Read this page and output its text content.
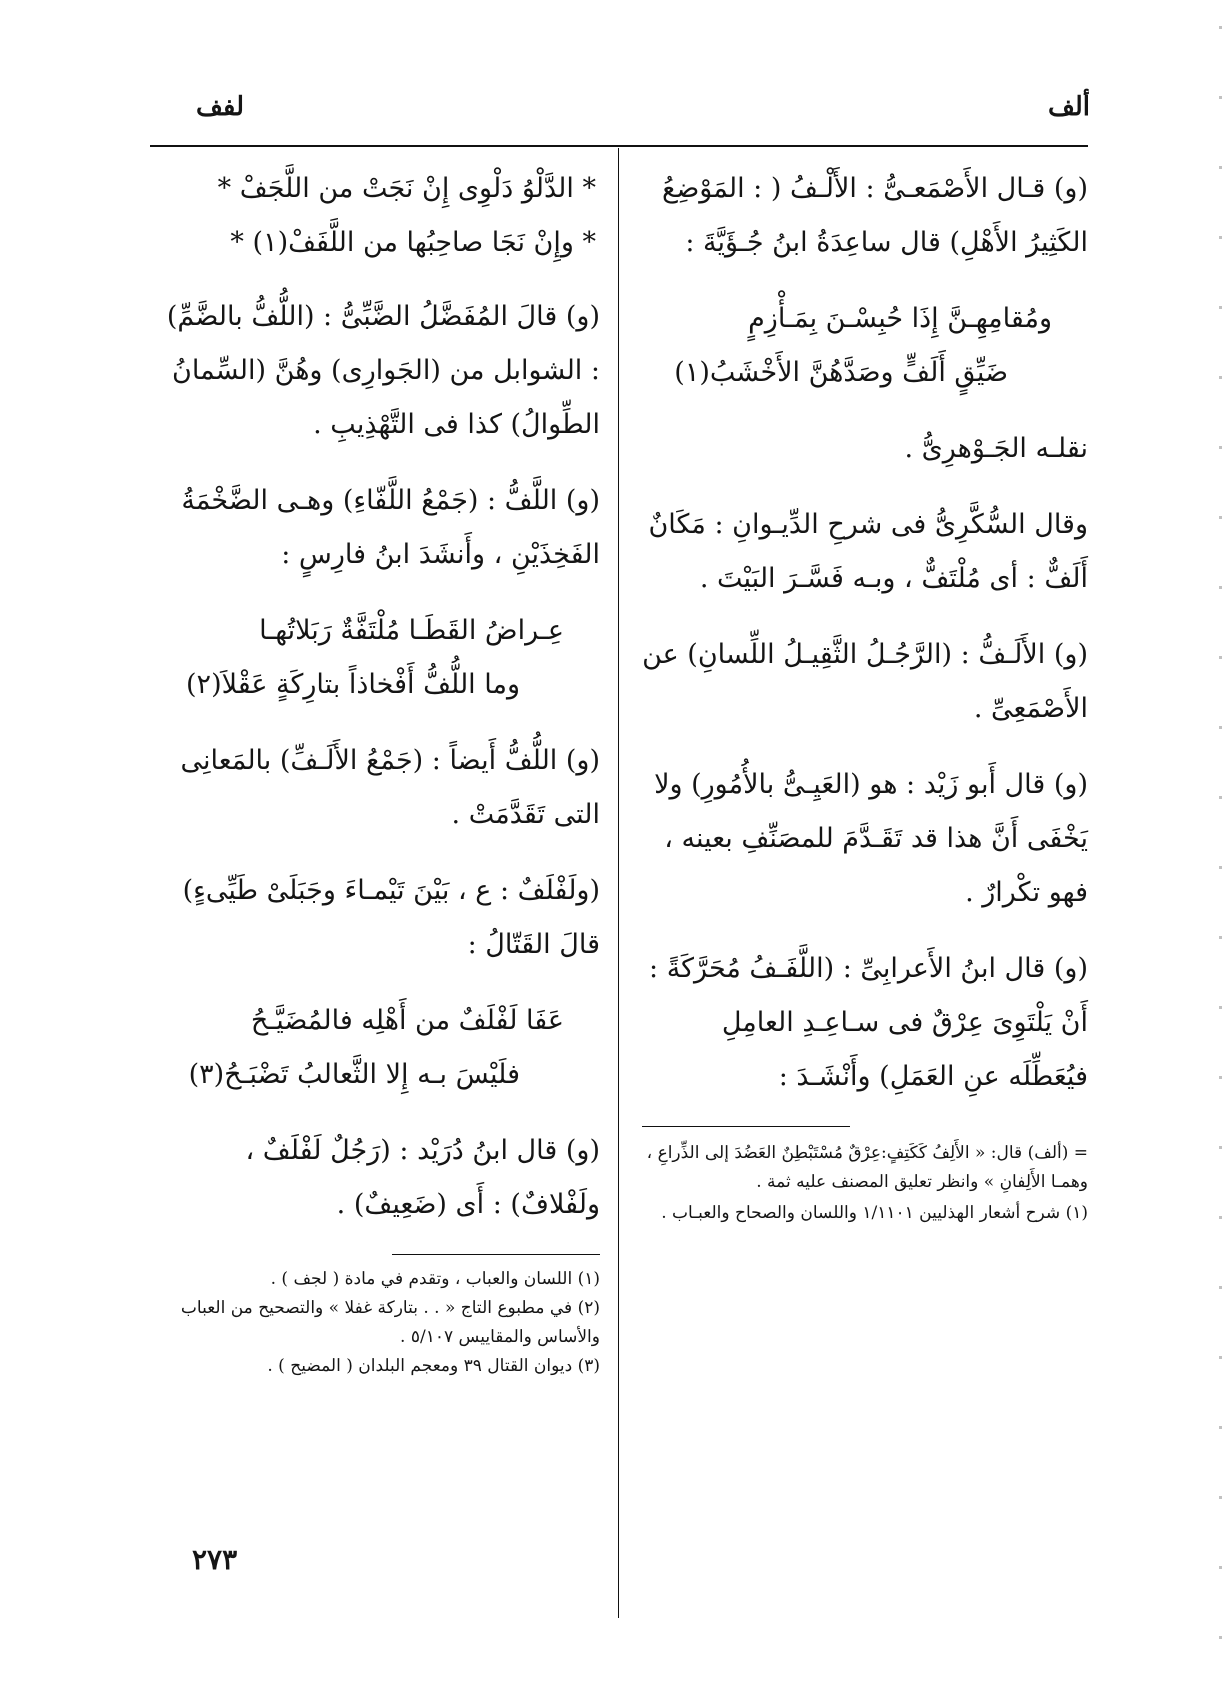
ألف
لفف

(و) قـال الأَصْمَعـىُّ : الأَلْـفُ ( : المَوْضِعُ الكَثِيرُ الأَهْلِ) قال ساعِدَةُ ابنُ جُـؤَيَّةَ :

ومُقامِهِـنَّ إِذَا حُبِسْـنَ بِمَـأْزِمٍ
ضَيِّقٍ أَلَفٍّ وصَدَّهُنَّ الأَخْشَبُ(١)

نقلـه الجَـوْهرِىُّ .

وقال السُّكَّرِىُّ فى شرحِ الدِّيـوانِ : مَكَانٌ أَلَفٌّ : أى مُلْتَفٌّ ، وبـه فَسَّـرَ البَيْتَ .

(و) الأَلَـفُّ : (الرَّجُـلُ الثَّقِيـلُ اللِّسانِ) عن الأَصْمَعِىِّ .

(و) قال أَبو زَيْد : هو (العَيِـىُّ بالأُمُورِ) ولا يَخْفَى أَنَّ هذا قد تَقَـدَّمَ للمصَنِّفِ بعينه ، فهو تكْرارٌ .

(و) قال ابنُ الأَعرابِىِّ : (اللَّفَـفُ مُحَرَّكَةً : أَنْ يَلْتَوِىَ عِرْقٌ فى سـاعِـدِ العامِلِ فيُعَطِّلَه عنِ العَمَلِ) وأَنْشَـدَ :

= (ألف) قال: « الأَلِفُ كَكَتِفٍ:عِرْقٌ مُسْتَبْطِنٌ العَضُدَ إلى الذِّراعِ ، وهمـا الأَلِفانِ » وانظر تعليق المصنف عليه ثمة .

(١) شرح أشعار الهذليين ١/١١٠١ واللسان والصحاح والعبـاب .

* الدَّلْوُ دَلْوِى إِنْ نَجَتْ من اللَّجَفْ *

* وإِنْ نَجَا صاحِبُها من اللَّفَفْ(١) *

(و) قالَ المُفَضَّلُ الضَّبِّىُّ : (اللُّفُّ بالضَّمِّ) : الشوابل من (الجَوارِى) وهُنَّ (السِّمانُ الطِّوالُ) كذا فى التَّهْذِيبِ .

(و) اللَّفُّ : (جَمْعُ اللَّفّاءِ) وهـى الضَّخْمَةُ الفَخِذَيْنِ ، وأَنشَدَ ابنُ فارِسٍ :

عِـراضُ القَطَـا مُلْتَفَّةٌ رَبَلاتُهـا
وما اللُّفُّ أَفْخاذاً بتارِكَةٍ عَقْلاَ(٢)

(و) اللُّفُّ أَيضاً : (جَمْعُ الأَلَـفِّ) بالمَعانِى التى تَقَدَّمَتْ .

(ولَفْلَفٌ : ع ، بَيْنَ تَيْمـاءَ وجَبَلَىْ طَيِّىءٍ) قالَ القَتّالُ :

عَفَا لَفْلَفٌ من أَهْلِه فالمُضَيَّـحُ
فلَيْسَ بـه إِلا الثَّعالبُ تَضْبَـحُ(٣)

(و) قال ابنُ دُرَيْد : (رَجُلٌ لَفْلَفٌ ، ولَفْلافٌ) : أَى (ضَعِيفٌ) .

(١) اللسان والعباب ، وتقدم في مادة ( لجف ) .

(٢) في مطبوع التاج « . . بتاركة غفلا » والتصحيح من العباب والأساس والمقاييس ٥/١٠٧ .

(٣) ديوان القتال ٣٩ ومعجم البلدان ( المضيح ) .

٢٧٣
